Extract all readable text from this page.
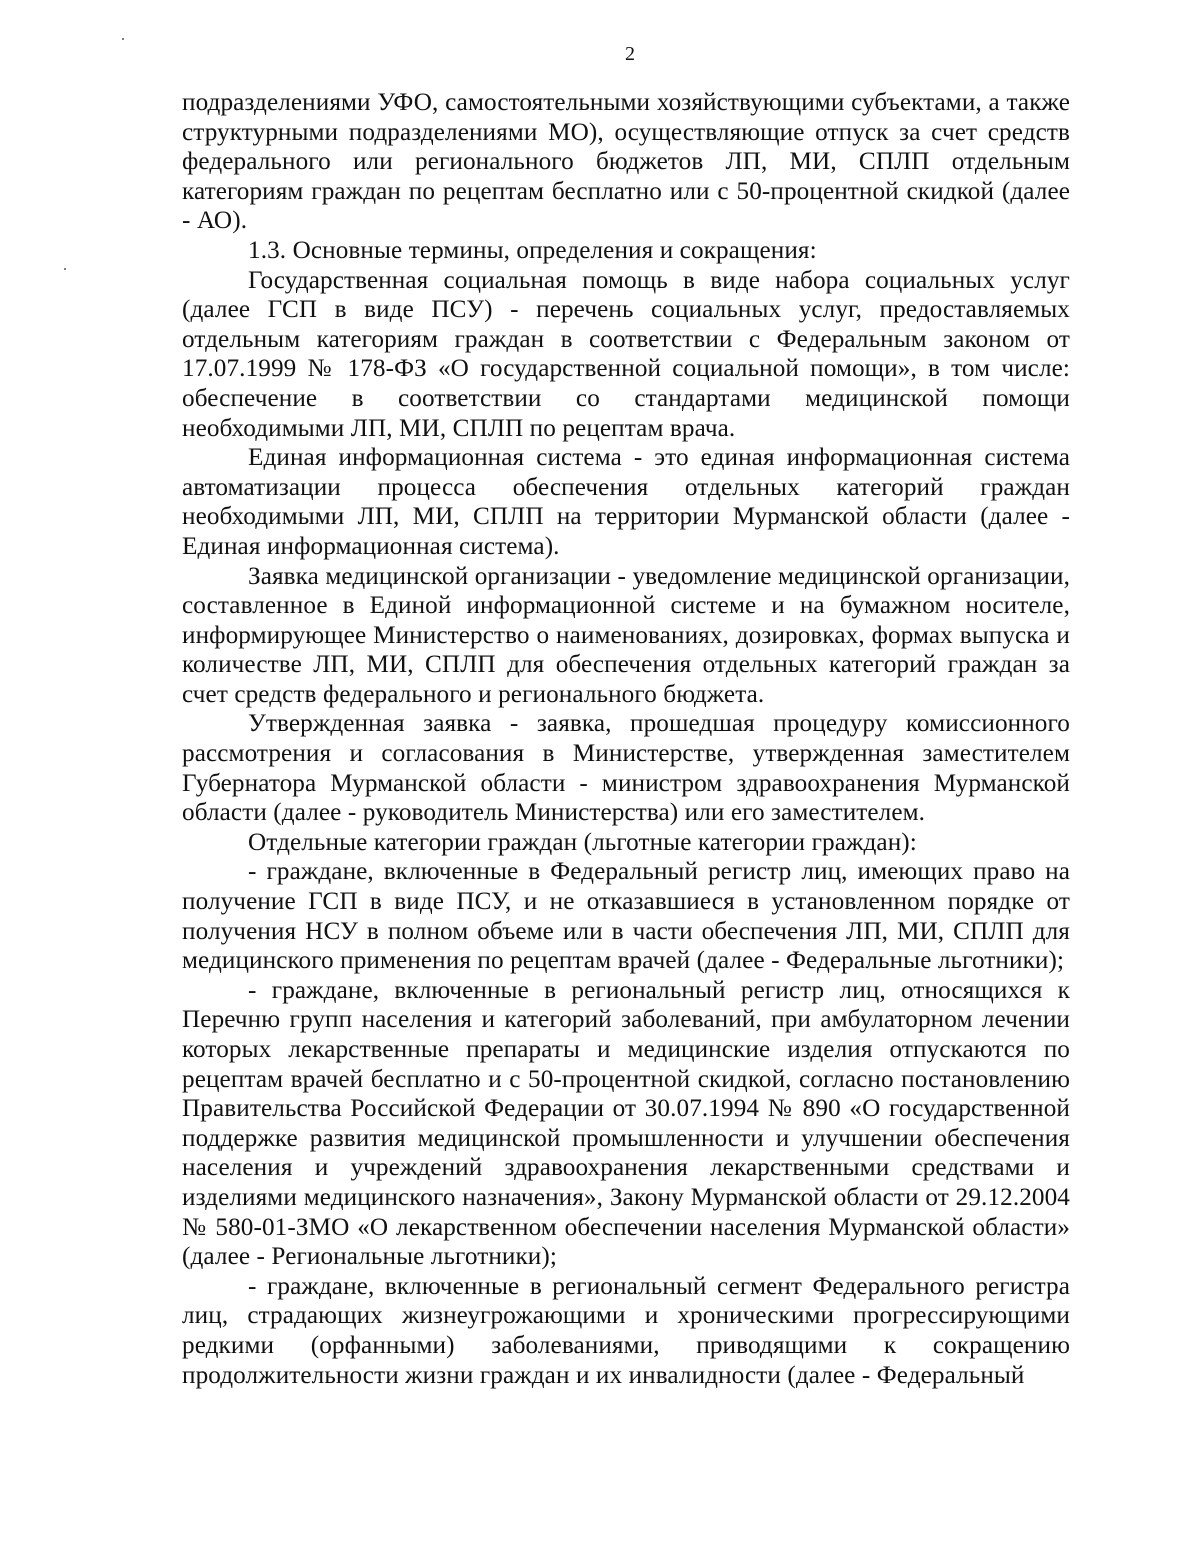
2

подразделениями УФО, самостоятельными хозяйствующими субъектами, а также структурными подразделениями МО), осуществляющие отпуск за счет средств федерального или регионального бюджетов ЛП, МИ, СПЛП отдельным категориям граждан по рецептам бесплатно или с 50-процентной скидкой (далее - АО).

1.3. Основные термины, определения и сокращения:

Государственная социальная помощь в виде набора социальных услуг (далее ГСП в виде ПСУ) - перечень социальных услуг, предоставляемых отдельным категориям граждан в соответствии с Федеральным законом от 17.07.1999 № 178-ФЗ «О государственной социальной помощи», в том числе: обеспечение в соответствии со стандартами медицинской помощи необходимыми ЛП, МИ, СПЛП по рецептам врача.

Единая информационная система - это единая информационная система автоматизации процесса обеспечения отдельных категорий граждан необходимыми ЛП, МИ, СПЛП на территории Мурманской области (далее - Единая информационная система).

Заявка медицинской организации - уведомление медицинской организации, составленное в Единой информационной системе и на бумажном носителе, информирующее Министерство о наименованиях, дозировках, формах выпуска и количестве ЛП, МИ, СПЛП для обеспечения отдельных категорий граждан за счет средств федерального и регионального бюджета.

Утвержденная заявка - заявка, прошедшая процедуру комиссионного рассмотрения и согласования в Министерстве, утвержденная заместителем Губернатора Мурманской области - министром здравоохранения Мурманской области (далее - руководитель Министерства) или его заместителем.

Отдельные категории граждан (льготные категории граждан):

- граждане, включенные в Федеральный регистр лиц, имеющих право на получение ГСП в виде ПСУ, и не отказавшиеся в установленном порядке от получения НСУ в полном объеме или в части обеспечения ЛП, МИ, СПЛП для медицинского применения по рецептам врачей (далее - Федеральные льготники);

- граждане, включенные в региональный регистр лиц, относящихся к Перечню групп населения и категорий заболеваний, при амбулаторном лечении которых лекарственные препараты и медицинские изделия отпускаются по рецептам врачей бесплатно и с 50-процентной скидкой, согласно постановлению Правительства Российской Федерации от 30.07.1994 № 890 «О государственной поддержке развития медицинской промышленности и улучшении обеспечения населения и учреждений здравоохранения лекарственными средствами и изделиями медицинского назначения», Закону Мурманской области от 29.12.2004 № 580-01-ЗМО «О лекарственном обеспечении населения Мурманской области» (далее - Региональные льготники);

- граждане, включенные в региональный сегмент Федерального регистра лиц, страдающих жизнеугрожающими и хроническими прогрессирующими редкими (орфанными) заболеваниями, приводящими к сокращению продолжительности жизни граждан и их инвалидности (далее - Федеральный
